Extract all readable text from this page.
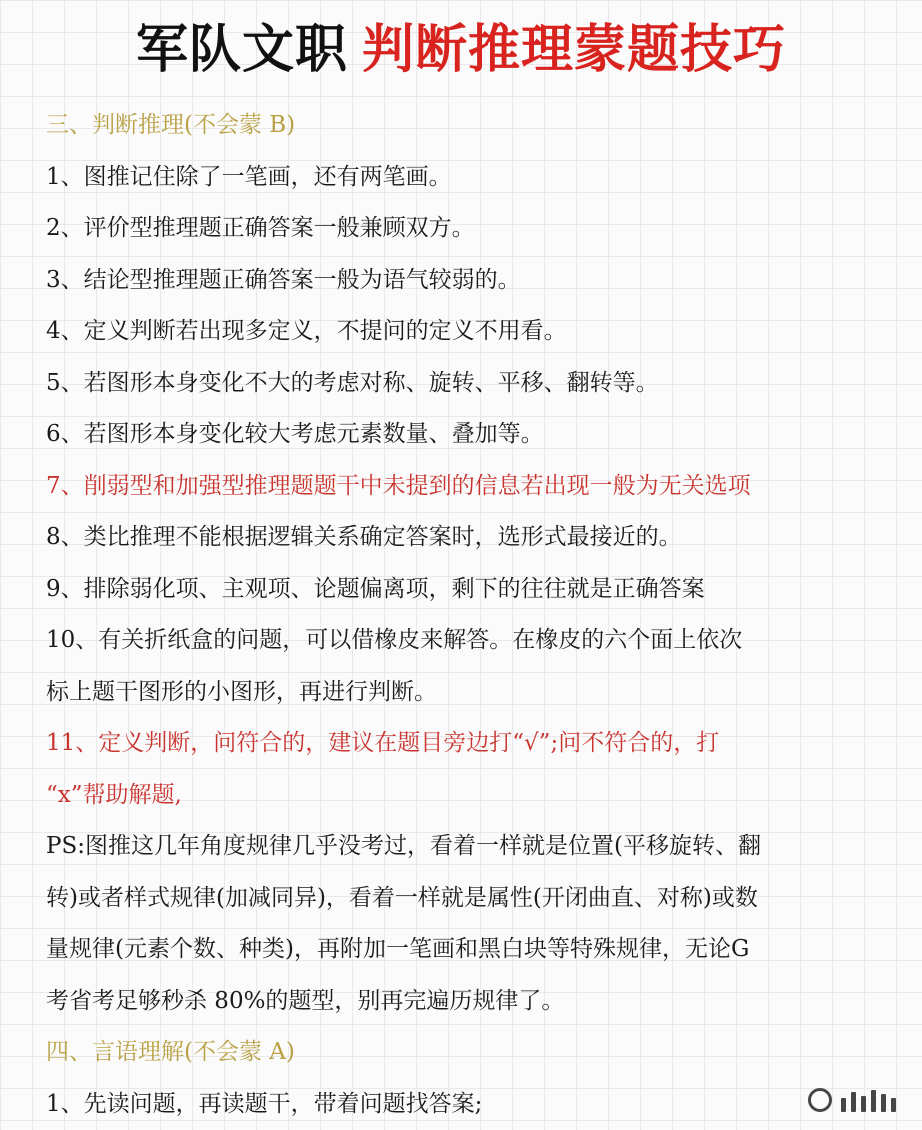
军队文职 判断推理蒙题技巧
三、判断推理(不会蒙 B)
1、图推记住除了一笔画，还有两笔画。
2、评价型推理题正确答案一般兼顾双方。
3、结论型推理题正确答案一般为语气较弱的。
4、定义判断若出现多定义，不提问的定义不用看。
5、若图形本身变化不大的考虑对称、旋转、平移、翻转等。
6、若图形本身变化较大考虑元素数量、叠加等。
7、削弱型和加强型推理题题干中未提到的信息若出现一般为无关选项
8、类比推理不能根据逻辑关系确定答案时，选形式最接近的。
9、排除弱化项、主观项、论题偏离项，剩下的往往就是正确答案
10、有关折纸盒的问题，可以借橡皮来解答。在橡皮的六个面上依次
标上题干图形的小图形，再进行判断。
11、定义判断，问符合的，建议在题目旁边打“√”;问不符合的，打
“x”帮助解题,
PS:图推这几年角度规律几乎没考过，看着一样就是位置(平移旋转、翻
转)或者样式规律(加减同异)，看着一样就是属性(开闭曲直、对称)或数
量规律(元素个数、种类)，再附加一笔画和黑白块等特殊规律，无论G
考省考足够秒杀 80%的题型，别再完遍历规律了。
四、言语理解(不会蒙 A)
1、先读问题，再读题干，带着问题找答案;
